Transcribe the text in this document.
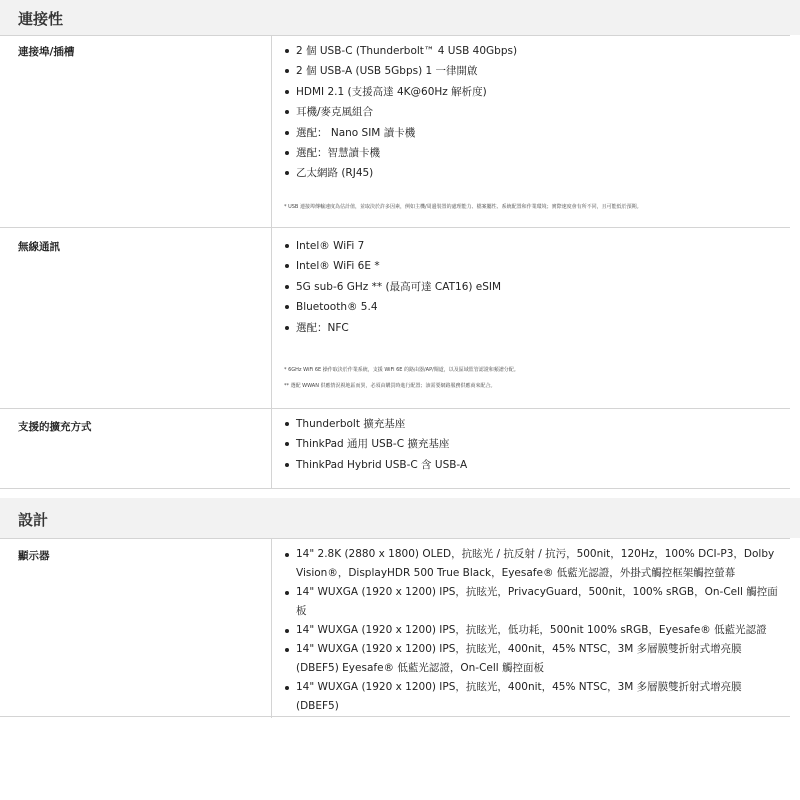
連接性
連接埠/插槽	2 個 USB-C (Thunderbolt™ 4 USB 40Gbps)
2 個 USB-A (USB 5Gbps) 1 一律開啟
HDMI 2.1 (支援高達 4K@60Hz 解析度)
耳機/麥克風組合
選配： Nano SIM 讀卡機
選配：智慧讀卡機
乙太網路 (RJ45)
* USB 連接埠傳輸速度為估計值，並取決於許多因素，例如主機/周邊裝置的處理能力、檔案屬性、系統配置和作業環境；實際速度會有所不同，且可能低於預期。
無線通訊	Intel® WiFi 7
Intel® WiFi 6E *
5G sub-6 GHz ** (最高可達 CAT16) eSIM
Bluetooth® 5.4
選配：NFC
* 6GHz WiFi 6E 操作取決於作業系統，支援 WiFi 6E 的路由器/AP/閘道，以及區域監管認證和頻譜分配。
** 選配 WWAN 供應情況視地區而異，必須由購買時進行配置；該需要網路服務供應商來配合。
支援的擴充方式	Thunderbolt 擴充基座
ThinkPad 通用 USB-C 擴充基座
ThinkPad Hybrid USB-C 含 USB-A
設計
顯示器	14" 2.8K (2880 x 1800) OLED，抗眩光 / 抗反射 / 抗污，500nit，120Hz，100% DCI-P3，Dolby Vision®，DisplayHDR 500 True Black，Eyesafe® 低藍光認證，外掛式觸控框架觸控螢幕
14" WUXGA (1920 x 1200) IPS，抗眩光，PrivacyGuard，500nit，100% sRGB，On-Cell 觸控面板
14" WUXGA (1920 x 1200) IPS，抗眩光，低功耗，500nit 100% sRGB，Eyesafe® 低藍光認證
14" WUXGA (1920 x 1200) IPS，抗眩光，400nit，45% NTSC，3M 多層膜雙折射式增亮膜 (DBEF5) Eyesafe® 低藍光認證，On-Cell 觸控面板
14" WUXGA (1920 x 1200) IPS，抗眩光，400nit，45% NTSC，3M 多層膜雙折射式增亮膜 (DBEF5)
